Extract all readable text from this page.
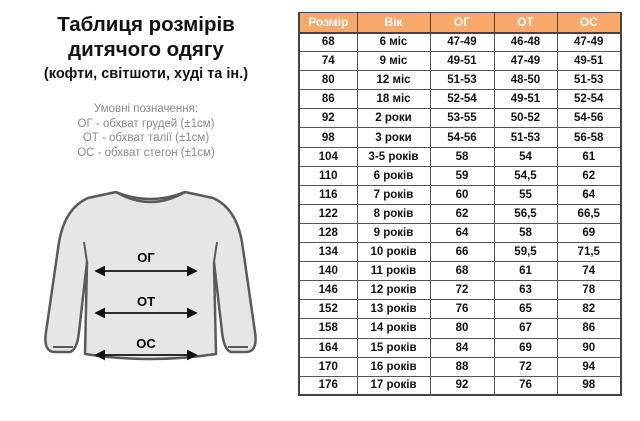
Таблиця розмірів
дитячого одягу
(кофти, світшоти, худі та ін.)
Умовні позначення:
ОГ - обхват грудей (±1см)
ОТ - обхват талії (±1см)
ОС - обхват стегон (±1см)
ОГ
ОТ
ОС
Розмір	Вік	ОГ	ОТ	ОС
68	6 міс	47-49	46-48	47-49
74	9 міс	49-51	47-49	49-51
80	12 міс	51-53	48-50	51-53
86	18 міс	52-54	49-51	52-54
92	2 роки	53-55	50-52	54-56
98	3 роки	54-56	51-53	56-58
104	3-5 років	58	54	61
110	6 років	59	54,5	62
116	7 років	60	55	64
122	8 років	62	56,5	66,5
128	9 років	64	58	69
134	10 років	66	59,5	71,5
140	11 років	68	61	74
146	12 років	72	63	78
152	13 років	76	65	82
158	14 років	80	67	86
164	15 років	84	69	90
170	16 років	88	72	94
176	17 років	92	76	98
